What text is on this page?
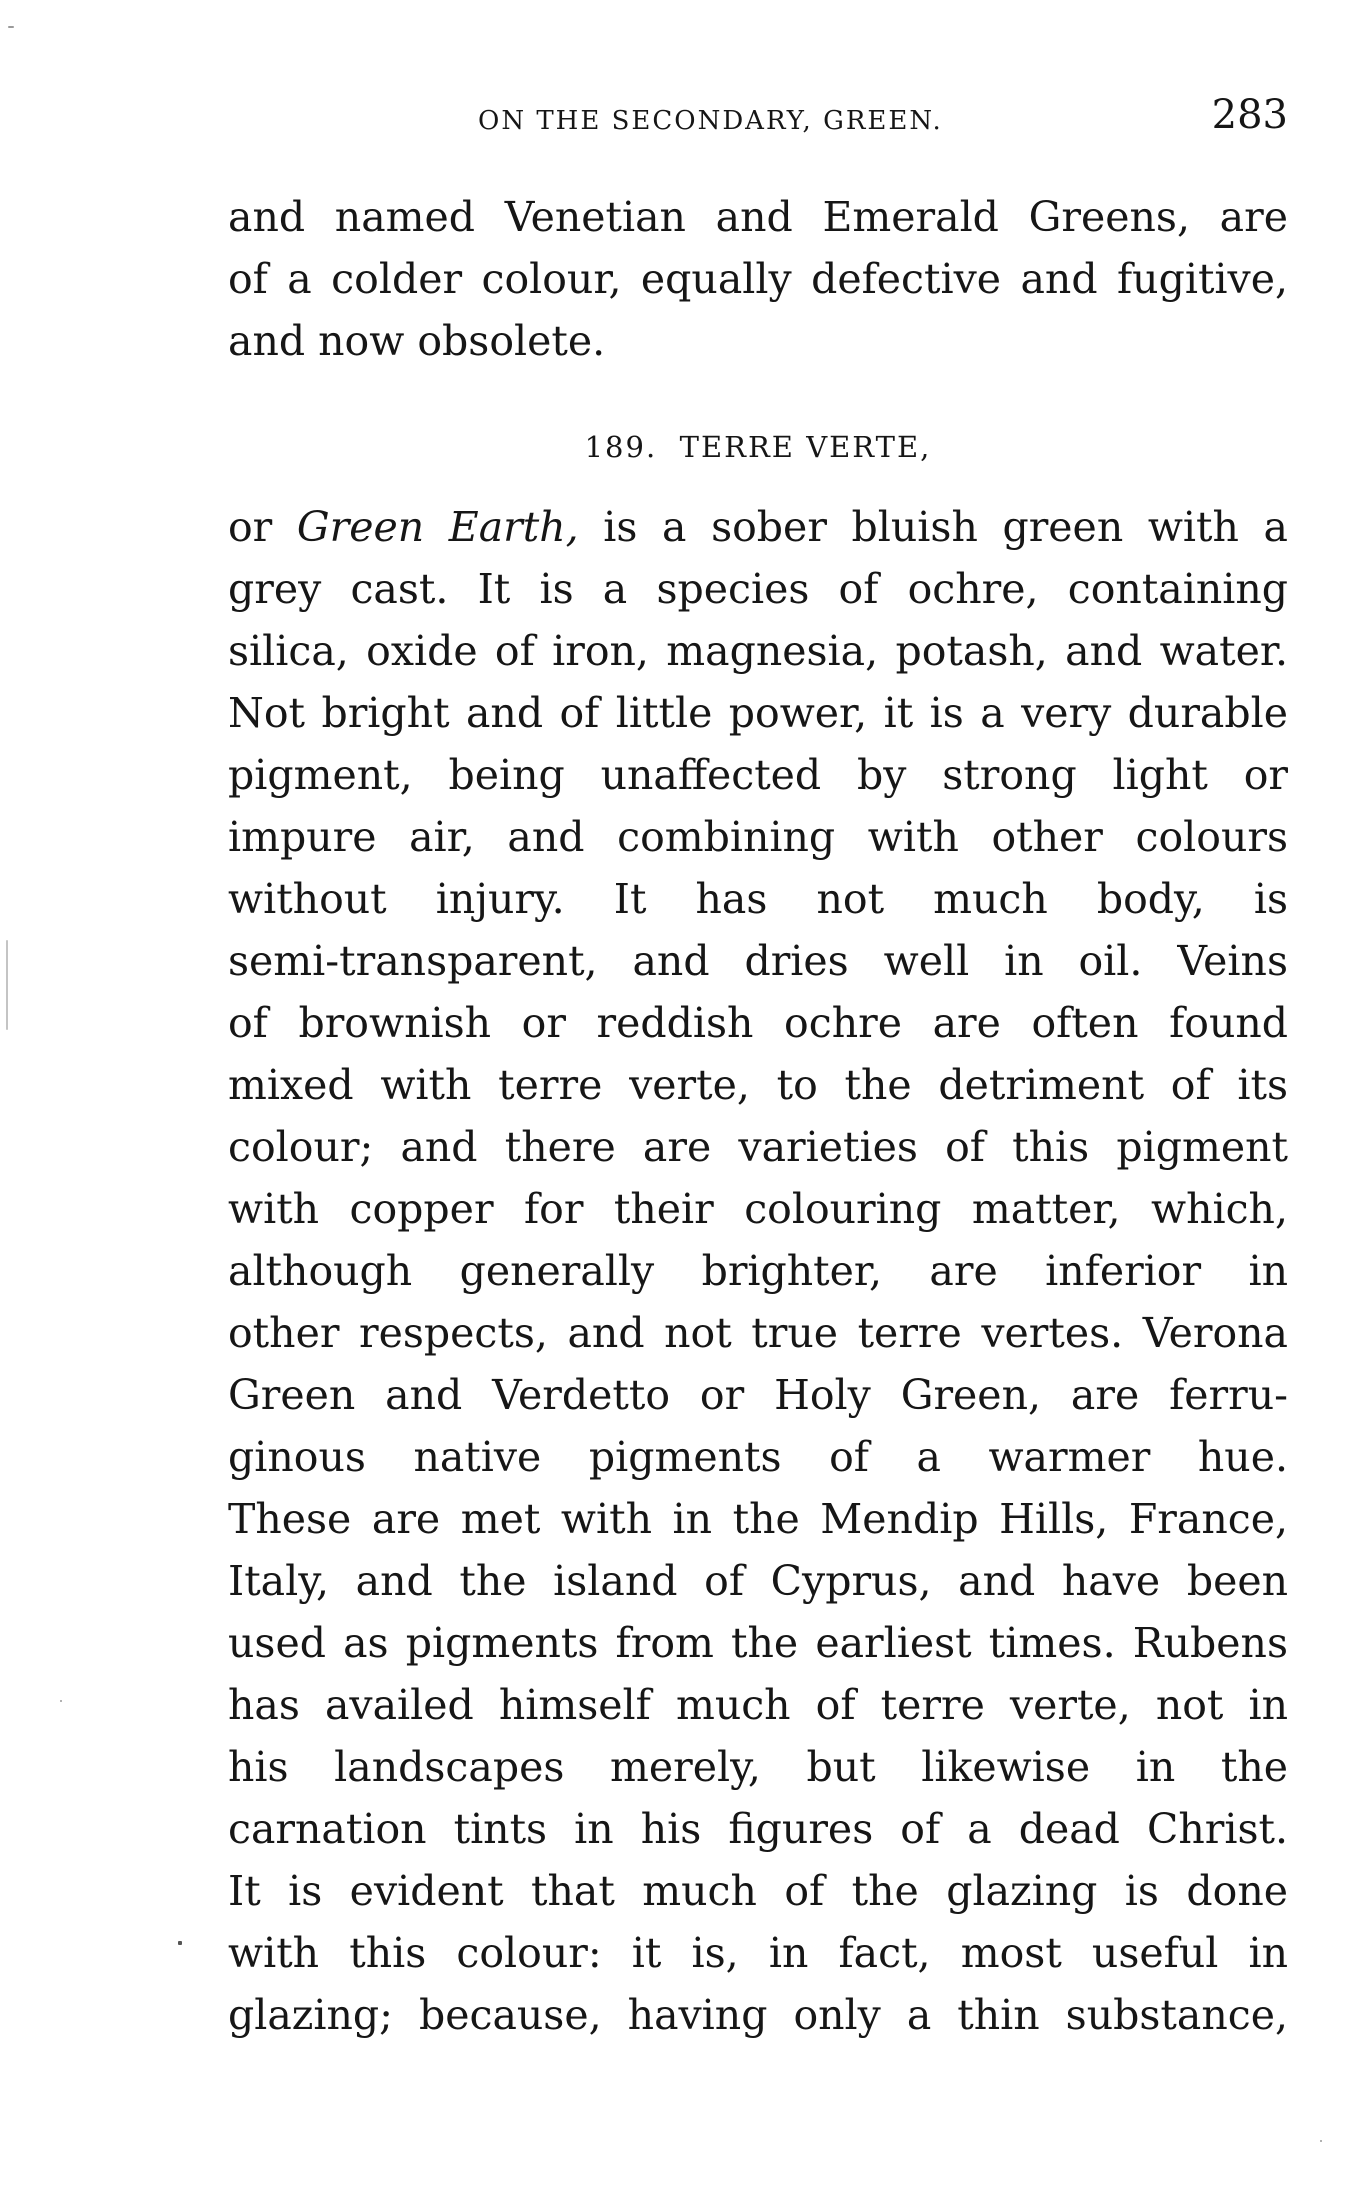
ON THE SECONDARY, GREEN.	283
and named Venetian and Emerald Greens, are
of a colder colour, equally defective and fugitive,
and now obsolete.
189. TERRE VERTE,
or Green Earth, is a sober bluish green with a
grey cast. It is a species of ochre, containing
silica, oxide of iron, magnesia, potash, and water.
Not bright and of little power, it is a very durable
pigment, being unaffected by strong light or
impure air, and combining with other colours
without injury. It has not much body, is
semi-transparent, and dries well in oil. Veins
of brownish or reddish ochre are often found
mixed with terre verte, to the detriment of its
colour; and there are varieties of this pigment
with copper for their colouring matter, which,
although generally brighter, are inferior in
other respects, and not true terre vertes. Verona
Green and Verdetto or Holy Green, are ferru-
ginous native pigments of a warmer hue.
These are met with in the Mendip Hills, France,
Italy, and the island of Cyprus, and have been
used as pigments from the earliest times. Rubens
has availed himself much of terre verte, not in
his landscapes merely, but likewise in the
carnation tints in his figures of a dead Christ.
It is evident that much of the glazing is done
with this colour: it is, in fact, most useful in
glazing; because, having only a thin substance,
